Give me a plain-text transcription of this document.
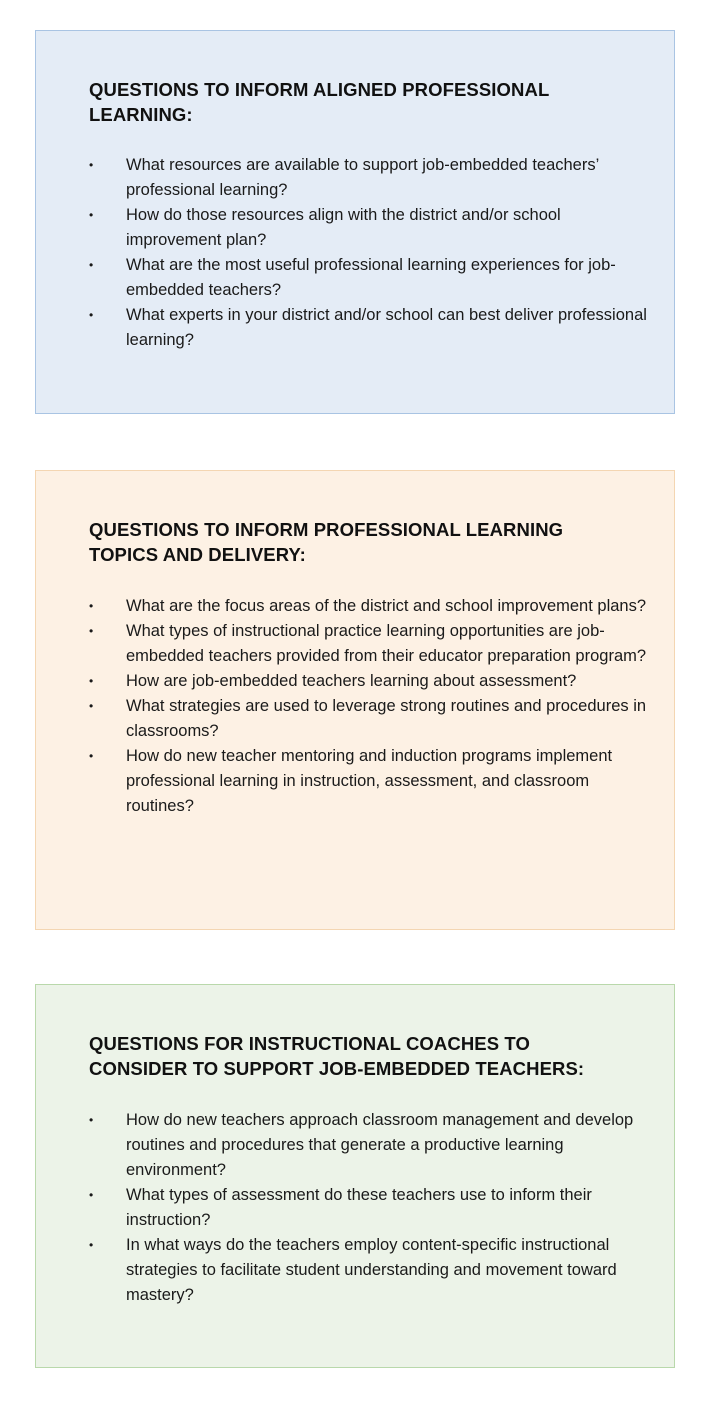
QUESTIONS TO INFORM ALIGNED PROFESSIONAL LEARNING:
•	What resources are available to support job-embedded teachers’ professional learning?
•	How do those resources align with the district and/or school improvement plan?
•	What are the most useful professional learning experiences for job-embedded teachers?
•	What experts in your district and/or school can best deliver professional learning?
QUESTIONS TO INFORM PROFESSIONAL LEARNING TOPICS AND DELIVERY:
•	What are the focus areas of the district and school improvement plans?
•	What types of instructional practice learning opportunities are job-embedded teachers provided from their educator preparation program?
•	How are job-embedded teachers learning about assessment?
•	What strategies are used to leverage strong routines and procedures in classrooms?
•	How do new teacher mentoring and induction programs implement professional learning in instruction, assessment, and classroom routines?
QUESTIONS FOR INSTRUCTIONAL COACHES TO CONSIDER TO SUPPORT JOB-EMBEDDED TEACHERS:
•	How do new teachers approach classroom management and develop routines and procedures that generate a productive learning environment?
•	What types of assessment do these teachers use to inform their instruction?
•	In what ways do the teachers employ content-specific instructional strategies to facilitate student understanding and movement toward mastery?
